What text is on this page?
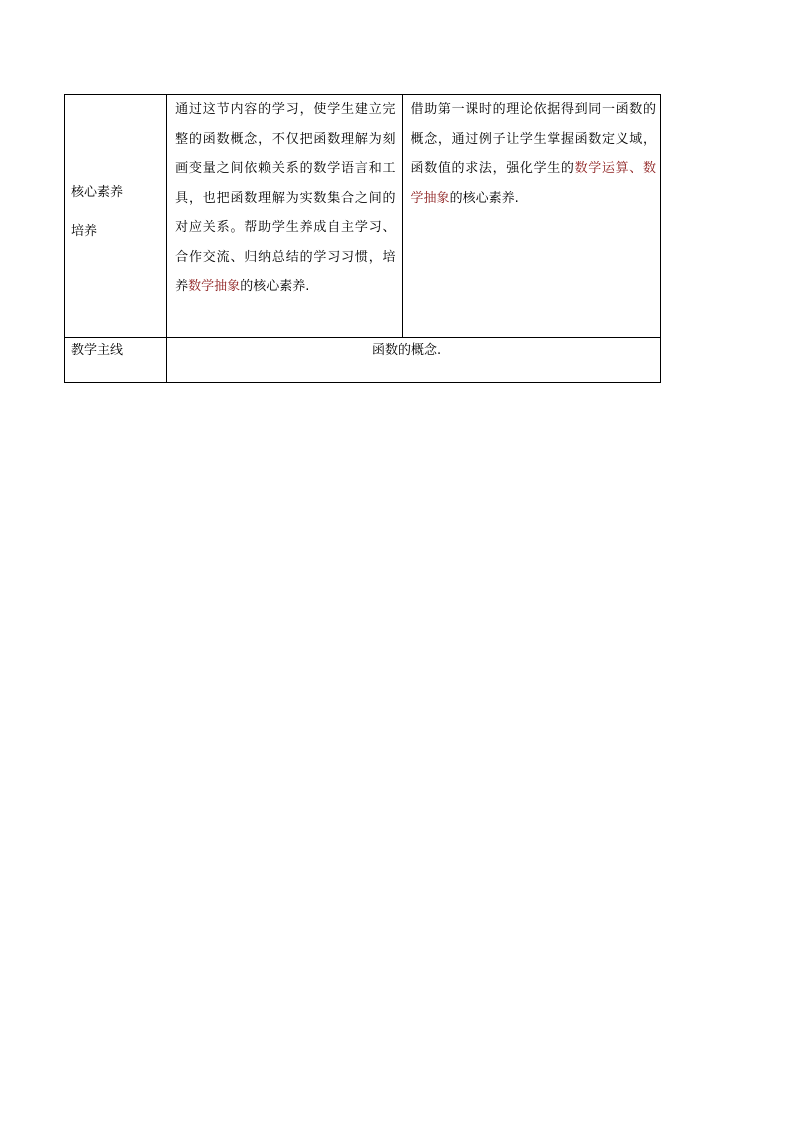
核心素养
培养	通过这节内容的学习，使学生建立完整的函数概念，不仅把函数理解为刻画变量之间依赖关系的数学语言和工具，也把函数理解为实数集合之间的对应关系。帮助学生养成自主学习、合作交流、归纳总结的学习习惯，培养数学抽象的核心素养.	借助第一课时的理论依据得到同一函数的概念，通过例子让学生掌握函数定义域，函数值的求法，强化学生的数学运算、数学抽象的核心素养.

教学主线	函数的概念.	
